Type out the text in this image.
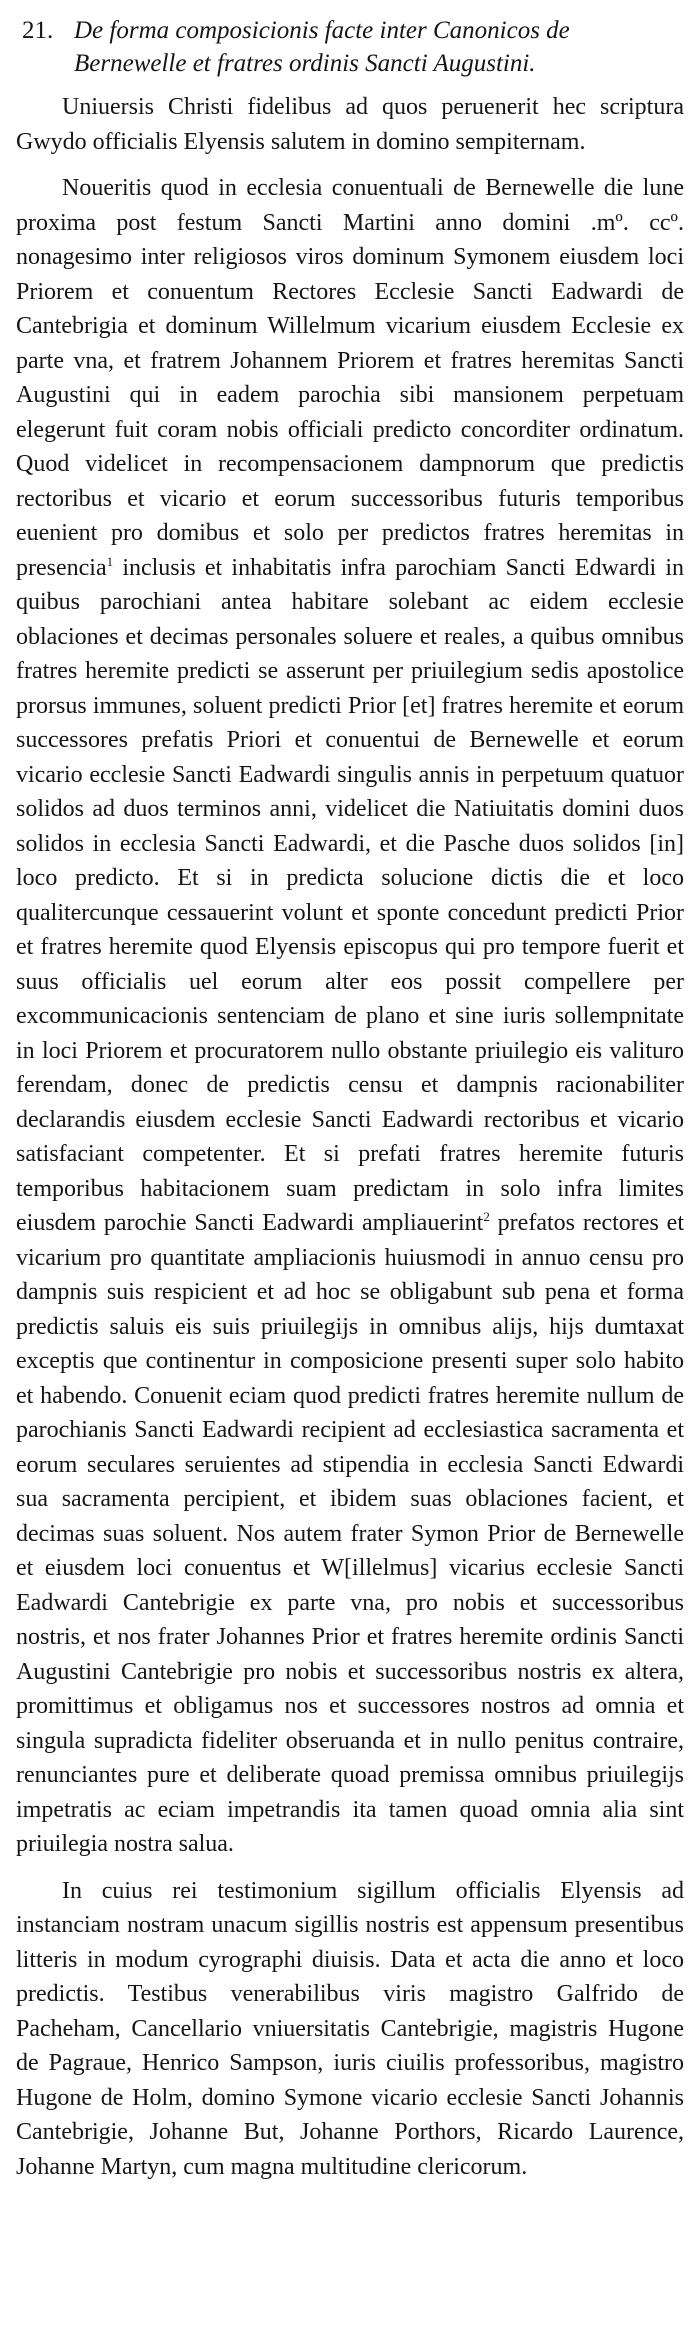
21. De forma composicionis facte inter Canonicos de Bernewelle et fratres ordinis Sancti Augustini.

Uniuersis Christi fidelibus ad quos peruenerit hec scriptura Gwydo officialis Elyensis salutem in domino sempiternam.

Noueritis quod in ecclesia conuentuali de Bernewelle die lune proxima post festum Sancti Martini anno domini .mº. ccº. nonagesimo inter religiosos viros dominum Symonem eiusdem loci Priorem et conuentum Rectores Ecclesie Sancti Eadwardi de Cantebrigia et dominum Willelmum vicarium eiusdem Ecclesie ex parte vna, et fratrem Johannem Priorem et fratres heremitas Sancti Augustini qui in eadem parochia sibi mansionem perpetuam elegerunt fuit coram nobis officiali predicto concorditer ordinatum. Quod videlicet in recompensacionem dampnorum que predictis rectoribus et vicario et eorum successoribus futuris temporibus euenient pro domibus et solo per predictos fratres heremitas in presencia$^1$ inclusis et inhabitatis infra parochiam Sancti Edwardi in quibus parochiani antea habitare solebant ac eidem ecclesie oblaciones et decimas personales soluere et reales, a quibus omnibus fratres heremite predicti se asserunt per priuilegium sedis apostolice prorsus immunes, soluent predicti Prior [et] fratres heremite et eorum successores prefatis Priori et conuentui de Bernewelle et eorum vicario ecclesie Sancti Eadwardi singulis annis in perpetuum quatuor solidos ad duos terminos anni, videlicet die Natiuitatis domini duos solidos in ecclesia Sancti Eadwardi, et die Pasche duos solidos [in] loco predicto. Et si in predicta solucione dictis die et loco qualitercunque cessauerint volunt et sponte concedunt predicti Prior et fratres heremite quod Elyensis episcopus qui pro tempore fuerit et suus officialis uel eorum alter eos possit compellere per excommunicacionis sentenciam de plano et sine iuris sollempnitate in loci Priorem et procuratorem nullo obstante priuilegio eis valituro ferendam, donec de predictis censu et dampnis racionabiliter declarandis eiusdem ecclesie Sancti Eadwardi rectoribus et vicario satisfaciant competenter. Et si prefati fratres heremite futuris temporibus habitacionem suam predictam in solo infra limites eiusdem parochie Sancti Eadwardi ampliauerint$^2$ prefatos rectores et vicarium pro quantitate ampliacionis huiusmodi in annuo censu pro dampnis suis respicient et ad hoc se obligabunt sub pena et forma predictis saluis eis suis priuilegijs in omnibus alijs, hijs dumtaxat exceptis que continentur in composicione presenti super solo habito et habendo. Conuenit eciam quod predicti fratres heremite nullum de parochianis Sancti Eadwardi recipient ad ecclesiastica sacramenta et eorum seculares seruientes ad stipendia in ecclesia Sancti Edwardi sua sacramenta percipient, et ibidem suas oblaciones facient, et decimas suas soluent. Nos autem frater Symon Prior de Bernewelle et eiusdem loci conuentus et W[illelmus] vicarius ecclesie Sancti Eadwardi Cantebrigie ex parte vna, pro nobis et successoribus nostris, et nos frater Johannes Prior et fratres heremite ordinis Sancti Augustini Cantebrigie pro nobis et successoribus nostris ex altera, promittimus et obligamus nos et successores nostros ad omnia et singula supradicta fideliter obseruanda et in nullo penitus contraire, renunciantes pure et deliberate quoad premissa omnibus priuilegijs impetratis ac eciam impetrandis ita tamen quoad omnia alia sint priuilegia nostra salua.

In cuius rei testimonium sigillum officialis Elyensis ad instanciam nostram unacum sigillis nostris est appensum presentibus litteris in modum cyrographi diuisis. Data et acta die anno et loco predictis. Testibus venerabilibus viris magistro Galfrido de Pacheham, Cancellario vniuersitatis Cantebrigie, magistris Hugone de Pagraue, Henrico Sampson, iuris ciuilis professoribus, magistro Hugone de Holm, domino Symone vicario ecclesie Sancti Johannis Cantebrigie, Johanne But, Johanne Porthors, Ricardo Laurence, Johanne Martyn, cum magna multitudine clericorum.
